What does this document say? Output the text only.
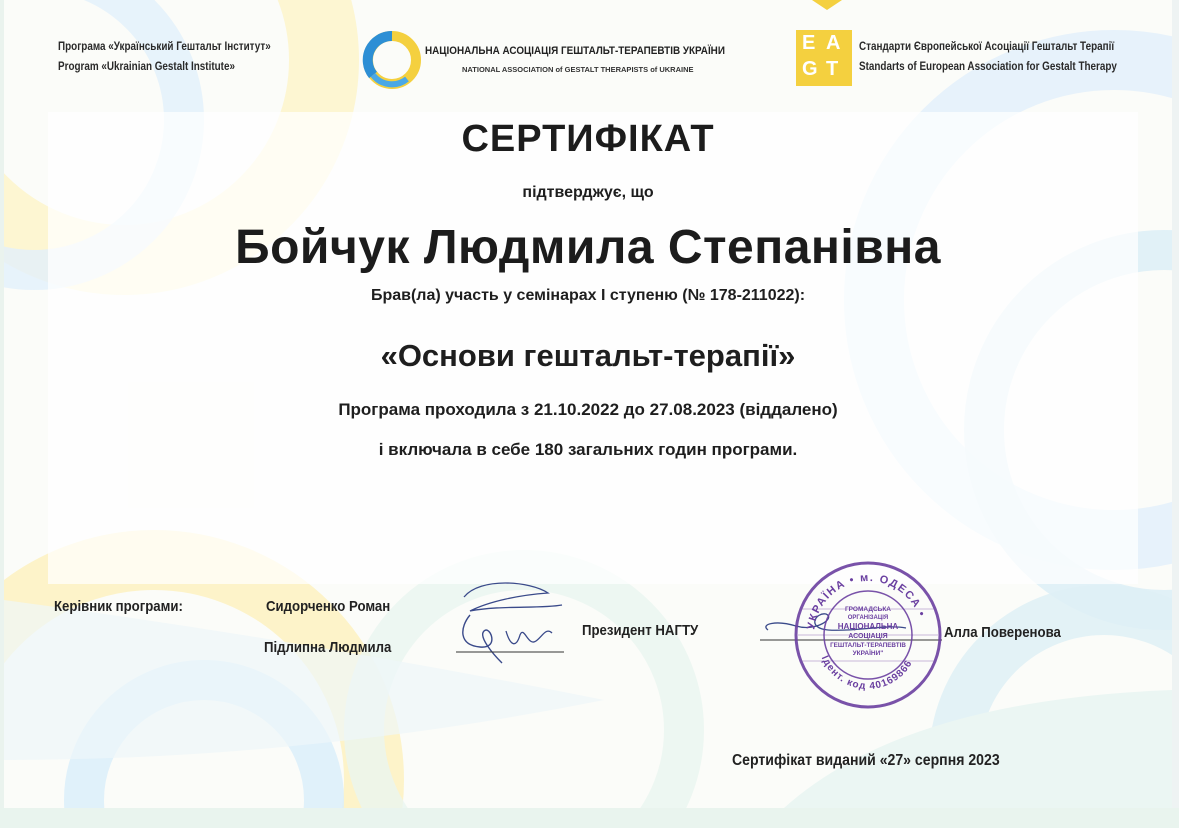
Програма «Український Гештальт Інститут»
Program «Ukrainian Gestalt Institute»
НАЦІОНАЛЬНА АСОЦІАЦІЯ ГЕШТАЛЬТ-ТЕРАПЕВТІВ УКРАЇНИ
NATIONAL ASSOCIATION of GESTALT THERAPISTS of UKRAINE
E A
G T
Стандарти Європейської Асоціації Гештальт Терапії
Standarts of European Association for Gestalt Therapy
СЕРТИФІКАТ
підтверджує, що
Бойчук Людмила Степанівна
Брав(ла) участь у семінарах І ступеню (№ 178-211022):
«Основи гештальт-терапії»
Програма проходила з 21.10.2022 до 27.08.2023 (віддалено)
і включала в себе 180 загальних годин програми.
Керівник програми:	Сидорченко Роман
Підлипна Людмила
Президент НАГТУ	УКРАЇНА • м. ОДЕСА •
Ідент. код 40169866
ГРОМАДСЬКА
ОРГАНІЗАЦІЯ
НАЦІОНАЛЬНА
АСОЦІАЦІЯ
ГЕШТАЛЬТ-ТЕРАПЕВТІВ
УКРАЇНИ"
Алла Поверенова
Сертифікат виданий «27» серпня 2023
